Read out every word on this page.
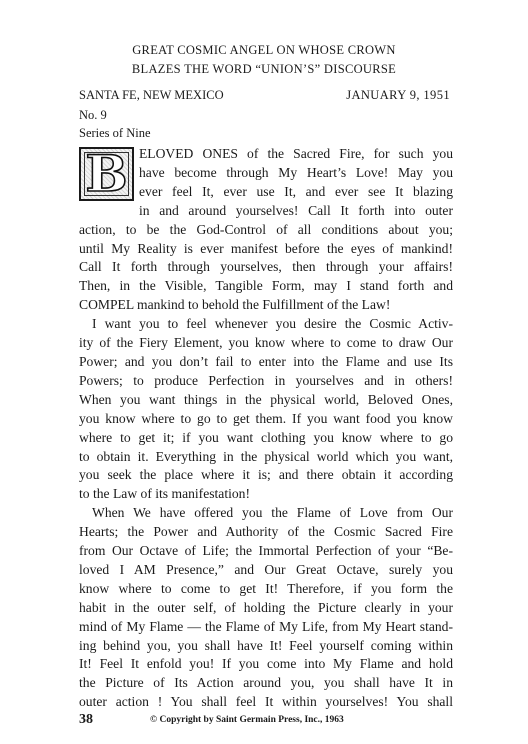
GREAT COSMIC ANGEL ON WHOSE CROWN
BLAZES THE WORD “UNION’S” DISCOURSE
SANTA FE, NEW MEXICO	JANUARY 9, 1951
No. 9
Series of Nine
B ELOVED ONES of the Sacred Fire, for such you
have become through My Heart’s Love! May you
ever feel It, ever use It, and ever see It blazing
in and around yourselves! Call It forth into outer
action, to be the God-Control of all conditions about you;
until My Reality is ever manifest before the eyes of mankind!
Call It forth through yourselves, then through your affairs!
Then, in the Visible, Tangible Form, may I stand forth and
COMPEL mankind to behold the Fulfillment of the Law!
I want you to feel whenever you desire the Cosmic Activ-
ity of the Fiery Element, you know where to come to draw Our
Power; and you don’t fail to enter into the Flame and use Its
Powers; to produce Perfection in yourselves and in others!
When you want things in the physical world, Beloved Ones,
you know where to go to get them. If you want food you know
where to get it; if you want clothing you know where to go
to obtain it. Everything in the physical world which you want,
you seek the place where it is; and there obtain it according
to the Law of its manifestation!
When We have offered you the Flame of Love from Our
Hearts; the Power and Authority of the Cosmic Sacred Fire
from Our Octave of Life; the Immortal Perfection of your “Be-
loved I AM Presence,” and Our Great Octave, surely you
know where to come to get It! Therefore, if you form the
habit in the outer self, of holding the Picture clearly in your
mind of My Flame — the Flame of My Life, from My Heart stand-
ing behind you, you shall have It! Feel yourself coming within
It! Feel It enfold you! If you come into My Flame and hold
the Picture of Its Action around you, you shall have It in
outer action ! You shall feel It within yourselves! You shall
38	© Copyright by Saint Germain Press, Inc., 1963
